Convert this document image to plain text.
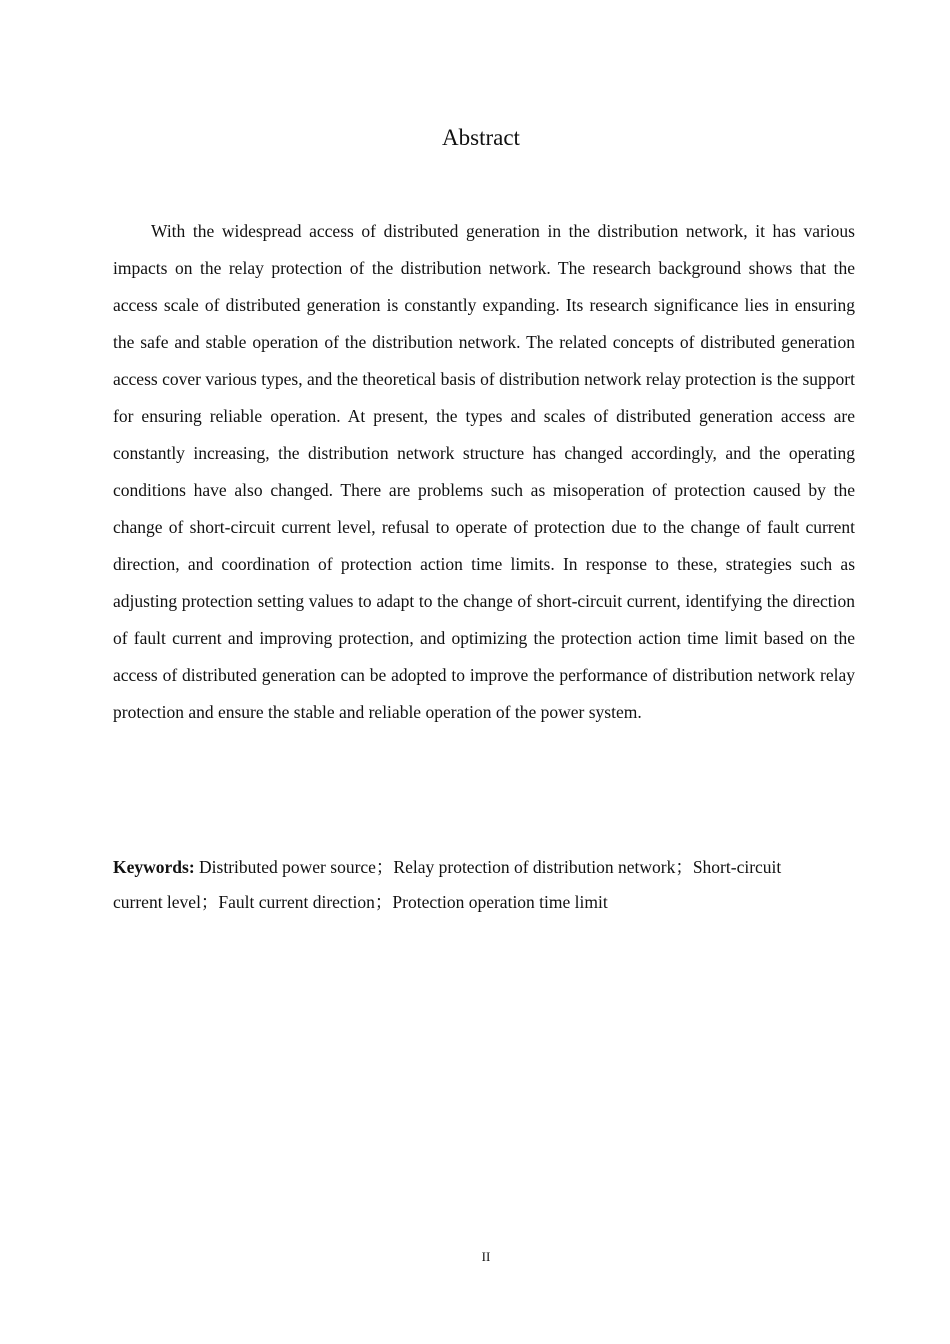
Abstract

With the widespread access of distributed generation in the distribution network, it has various impacts on the relay protection of the distribution network. The research background shows that the access scale of distributed generation is constantly expanding. Its research significance lies in ensuring the safe and stable operation of the distribution network. The related concepts of distributed generation access cover various types, and the theoretical basis of distribution network relay protection is the support for ensuring reliable operation. At present, the types and scales of distributed generation access are constantly increasing, the distribution network structure has changed accordingly, and the operating conditions have also changed. There are problems such as misoperation of protection caused by the change of short-circuit current level, refusal to operate of protection due to the change of fault current direction, and coordination of protection action time limits. In response to these, strategies such as adjusting protection setting values to adapt to the change of short-circuit current, identifying the direction of fault current and improving protection, and optimizing the protection action time limit based on the access of distributed generation can be adopted to improve the performance of distribution network relay protection and ensure the stable and reliable operation of the power system.

Keywords: Distributed power source；Relay protection of distribution network；Short-circuit current level；Fault current direction；Protection operation time limit

II
